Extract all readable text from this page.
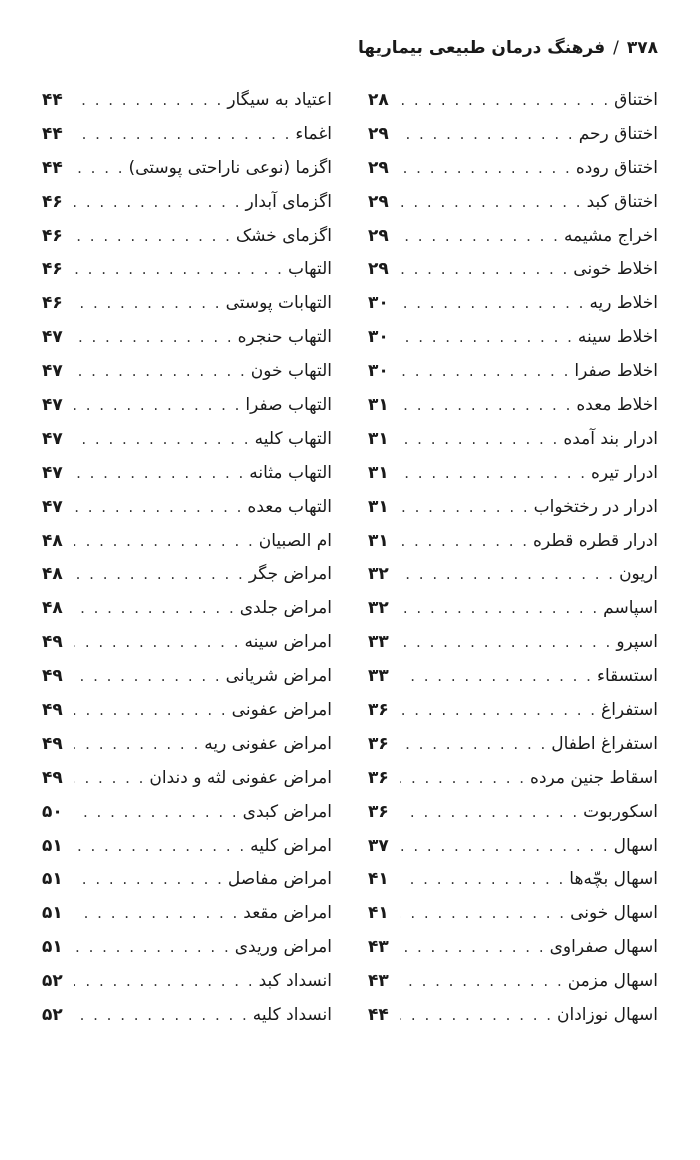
۳۷۸
/
فرهنگ درمان طبیعی بیماریها
اختناق
. . .
۲۸
اختناق رحم
. . .
۲۹
اختناق روده
. . .
۲۹
اختناق کبد
. . .
۲۹
اخراج مشیمه
. . .
۲۹
اخلاط خونی
. . .
۲۹
اخلاط ریه
. . .
۳۰
اخلاط سینه
. . .
۳۰
اخلاط صفرا
. . .
۳۰
اخلاط معده
. . .
۳۱
ادرار بند آمده
. . .
۳۱
ادرار تیره
. . .
۳۱
ادرار در رختخواب
. . .
۳۱
ادرار قطره قطره
. . .
۳۱
اریون
. . .
۳۲
اسپاسم
. . .
۳۲
اسپرو
. . .
۳۳
استسقاء
. . .
۳۳
استفراغ
. . .
۳۶
استفراغ اطفال
. . .
۳۶
اسقاط جنین مرده
. . .
۳۶
اسکوربوت
. . .
۳۶
اسهال
. . .
۳۷
اسهال بچّه‌ها
. . .
۴۱
اسهال خونی
. . .
۴۱
اسهال صفراوی
. . .
۴۳
اسهال مزمن
. . .
۴۳
اسهال نوزادان
. . .
۴۴
اعتیاد به سیگار
. . .
۴۴
اغماء
. . .
۴۴
اگزما (نوعی ناراحتی پوستی)
. . .
۴۴
اگزمای آبدار
. . .
۴۶
اگزمای خشک
. . .
۴۶
التهاب
. . .
۴۶
التهابات پوستی
. . .
۴۶
التهاب حنجره
. . .
۴۷
التهاب خون
. . .
۴۷
التهاب صفرا
. . .
۴۷
التهاب کلیه
. . .
۴۷
التهاب مثانه
. . .
۴۷
التهاب معده
. . .
۴۷
ام الصبیان
. . .
۴۸
امراض جگر
. . .
۴۸
امراض جلدی
. . .
۴۸
امراض سینه
. . .
۴۹
امراض شریانی
. . .
۴۹
امراض عفونی
. . .
۴۹
امراض عفونی ریه
. . .
۴۹
امراض عفونی لثه و دندان
. . .
۴۹
امراض کبدی
. . .
۵۰
امراض کلیه
. . .
۵۱
امراض مفاصل
. . .
۵۱
امراض مقعد
. . .
۵۱
امراض وریدی
. . .
۵۱
انسداد کبد
. . .
۵۲
انسداد کلیه
. . .
۵۲
